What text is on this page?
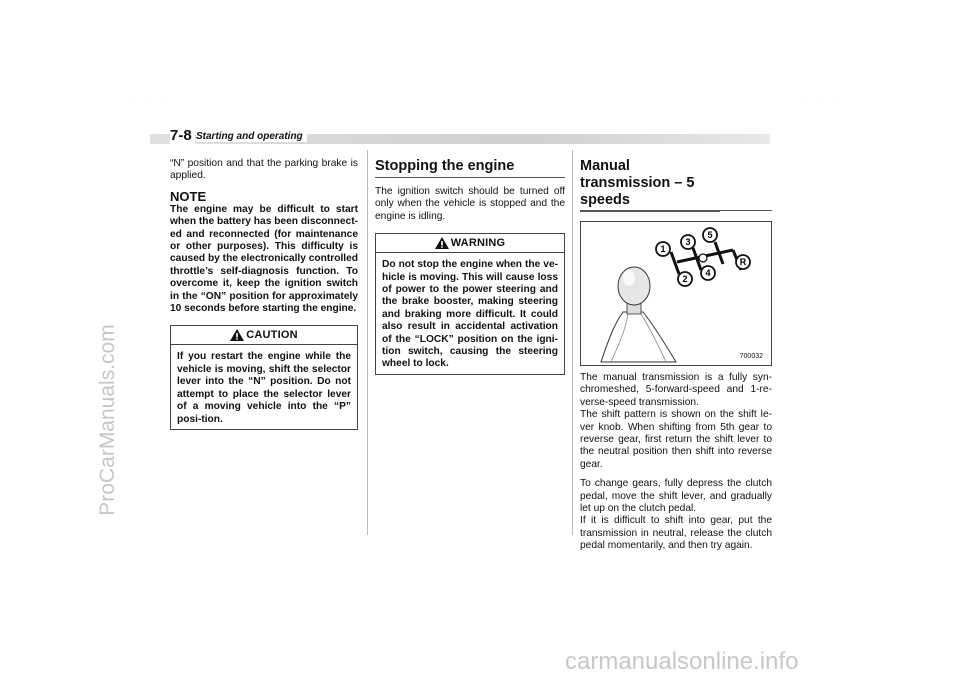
ProCarManuals.com
carmanualsonline.info
· · ·	· · ·
7-8 Starting and operating

“N” position and that the parking brake is applied.

NOTE

The engine may be difficult to start when the battery has been disconnect-ed and reconnected (for maintenance or other purposes). This difficulty is caused by the electronically controlled throttle’s self-diagnosis function. To overcome it, keep the ignition switch in the “ON” position for approximately 10 seconds before starting the engine.

CAUTION

If you restart the engine while the vehicle is moving, shift the selector lever into the “N” position. Do not attempt to place the selector lever of a moving vehicle into the “P” posi-tion.

Stopping the engine

The ignition switch should be turned off only when the vehicle is stopped and the engine is idling.

WARNING

Do not stop the engine when the ve-hicle is moving. This will cause loss of power to the power steering and the brake booster, making steering and braking more difficult. It could also result in accidental activation of the “LOCK” position on the igni-tion switch, causing the steering wheel to lock.

Manual transmission – 5 speeds
1
3
5
2
4
R
700032

The manual transmission is a fully syn-chromeshed, 5-forward-speed and 1-re-verse-speed transmission.

The shift pattern is shown on the shift le-ver knob. When shifting from 5th gear to reverse gear, first return the shift lever to the neutral position then shift into reverse gear.

To change gears, fully depress the clutch pedal, move the shift lever, and gradually let up on the clutch pedal.

If it is difficult to shift into gear, put the transmission in neutral, release the clutch pedal momentarily, and then try again.
